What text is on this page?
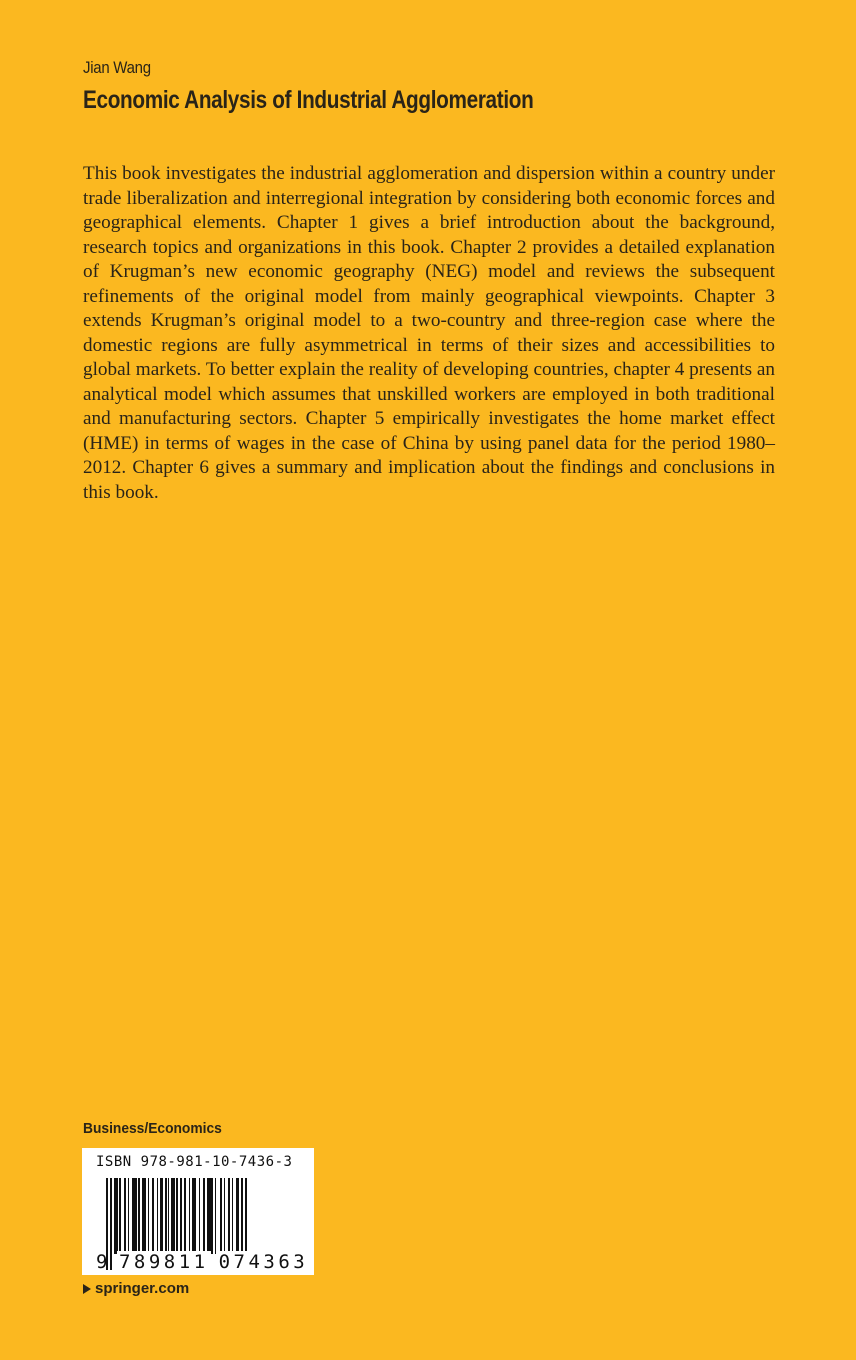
Jian Wang
Economic Analysis of Industrial Agglomeration

This book investigates the industrial agglomeration and dispersion within a country under trade liberalization and interregional integration by considering both economic forces and geographical elements. Chapter 1 gives a brief introduction about the background, research topics and organizations in this book. Chapter 2 provides a detailed explanation of Krugman’s new economic geography (NEG) model and reviews the subsequent refinements of the original model from mainly geographical viewpoints. Chapter 3 extends Krugman’s original model to a two-country and three-region case where the domestic regions are fully asymmetrical in terms of their sizes and accessibilities to global markets. To better explain the reality of developing countries, chapter 4 presents an analytical model which assumes that unskilled workers are employed in both traditional and manufacturing sectors. Chapter 5 empirically investigates the home market effect (HME) in terms of wages in the case of China by using panel data for the period 1980–2012. Chapter 6 gives a summary and implication about the findings and conclusions in this book.

Business/Economics
ISBN 978-981-10-7436-3
9 789811 074363
springer.com
